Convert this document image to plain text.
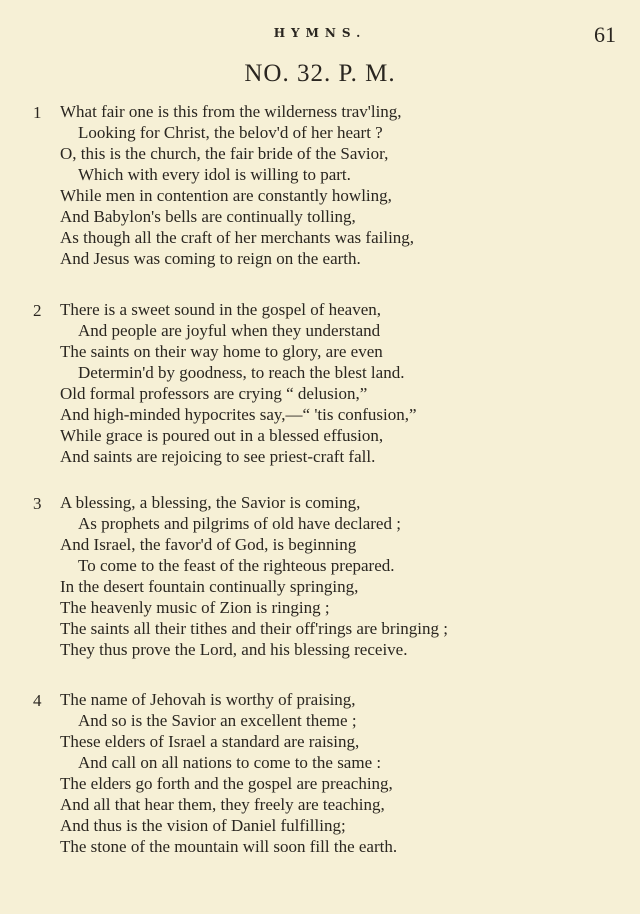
HYMNS.	61
NO. 32. P. M.
1 What fair one is this from the wilderness trav'ling,
Looking for Christ, the belov'd of her heart ?
O, this is the church, the fair bride of the Savior,
Which with every idol is willing to part.
While men in contention are constantly howling,
And Babylon's bells are continually tolling,
As though all the craft of her merchants was failing,
And Jesus was coming to reign on the earth.
2 There is a sweet sound in the gospel of heaven,
And people are joyful when they understand
The saints on their way home to glory, are even
Determin'd by goodness, to reach the blest land.
Old formal professors are crying “ delusion,”
And high-minded hypocrites say,—“ 'tis confusion,”
While grace is poured out in a blessed effusion,
And saints are rejoicing to see priest-craft fall.
3 A blessing, a blessing, the Savior is coming,
As prophets and pilgrims of old have declared ;
And Israel, the favor'd of God, is beginning
To come to the feast of the righteous prepared.
In the desert fountain continually springing,
The heavenly music of Zion is ringing ;
The saints all their tithes and their off'rings are bringing ;
They thus prove the Lord, and his blessing receive.
4 The name of Jehovah is worthy of praising,
And so is the Savior an excellent theme ;
These elders of Israel a standard are raising,
And call on all nations to come to the same :
The elders go forth and the gospel are preaching,
And all that hear them, they freely are teaching,
And thus is the vision of Daniel fulfilling;
The stone of the mountain will soon fill the earth.
